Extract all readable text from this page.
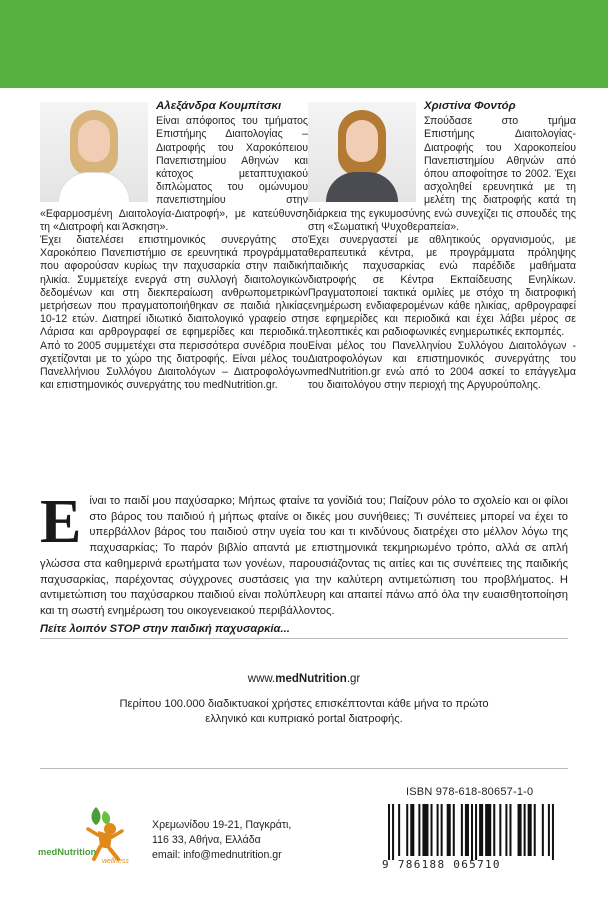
Αλεξάνδρα Κουμπίτσκι

Είναι απόφοιτος του τμήματος Επιστήμης Διαιτολογίας – Διατροφής του Χαροκόπειου Πανεπιστημίου Αθηνών και κάτοχος μεταπτυχιακού διπλώματος του ομώνυμου πανεπιστημίου στην «Εφαρμοσμένη Διαιτολογία-Διατροφή», με κατεύθυνση τη «Διατροφή και Άσκηση».

Έχει διατελέσει επιστημονικός συνεργάτης στο Χαροκόπειο Πανεπιστήμιο σε ερευνητικά προγράμματα που αφορούσαν κυρίως την παχυσαρκία στην παιδική ηλικία. Συμμετείχε ενεργά στη συλλογή διαιτολογικών δεδομένων και στη διεκπεραίωση ανθρωπομετρικών μετρήσεων που πραγματοποιήθηκαν σε παιδιά ηλικίας 10-12 ετών. Διατηρεί ιδιωτικό διαιτολογικό γραφείο στη Λάρισα και αρθρογραφεί σε εφημερίδες και περιοδικά. Από το 2005 συμμετέχει στα περισσότερα συνέδρια που σχετίζονται με το χώρο της διατροφής. Είναι μέλος του Πανελλήνιου Συλλόγου Διαιτολόγων – Διατροφολόγων και επιστημονικός συνεργάτης του medNutrition.gr.

Χριστίνα Φοντόρ

Σπούδασε στο τμήμα Επιστήμης Διαιτολογίας-Διατροφής του Χαροκοπείου Πανεπιστημίου Αθηνών από όπου αποφοίτησε το 2002. Έχει ασχοληθεί ερευνητικά με τη μελέτη της διατροφής κατά τη διάρκεια της εγκυμοσύνης ενώ συνεχίζει τις σπουδές της στη «Σωματική Ψυχοθεραπεία».

Έχει συνεργαστεί με αθλητικούς οργανισμούς, με θεραπευτικά κέντρα, με προγράμματα πρόληψης παιδικής παχυσαρκίας ενώ παρέδιδε μαθήματα διατροφής σε Κέντρα Εκπαίδευσης Ενηλίκων. Πραγματοποιεί τακτικά ομιλίες με στόχο τη διατροφική ενημέρωση ενδιαφερομένων κάθε ηλικίας, αρθρογραφεί σε εφημερίδες και περιοδικά και έχει λάβει μέρος σε τηλεοπτικές και ραδιοφωνικές ενημερωτικές εκπομπές.

Είναι μέλος του Πανελληνίου Συλλόγου Διαιτολόγων - Διατροφολόγων και επιστημονικός συνεργάτης του medNutrition.gr ενώ από το 2004 ασκεί το επάγγελμα του διαιτολόγου στην περιοχή της Αργυρούπολης.

Ε ίναι το παιδί μου παχύσαρκο; Μήπως φταίνε τα γονίδιά του; Παίζουν ρόλο το σχολείο και οι φίλοι στο βάρος του παιδιού ή μήπως φταίνε οι δικές μου συνήθειες; Τι συνέπειες μπορεί να έχει το υπερβάλλον βάρος του παιδιού στην υγεία του και τι κινδύνους διατρέχει στο μέλλον λόγω της παχυσαρκίας; Το παρόν βιβλίο απαντά με επιστημονικά τεκμηριωμένο τρόπο, αλλά σε απλή γλώσσα στα καθημερινά ερωτήματα των γονέων, παρουσιάζοντας τις αιτίες και τις συνέπειες της παιδικής παχυσαρκίας, παρέχοντας σύγχρονες συστάσεις για την καλύτερη αντιμετώπιση του προβλήματος. Η αντιμετώπιση του παχύσαρκου παιδιού είναι πολύπλευρη και απαιτεί πάνω από όλα την ευαισθητοποίηση και τη σωστή ενημέρωση του οικογενειακού περιβάλλοντος.
Πείτε λοιπόν STOP στην παιδική παχυσαρκία...
www.medNutrition.gr
Περίπου 100.000 διαδικτυακοί χρήστες επισκέπτονται κάθε μήνα το πρώτο ελληνικό και κυπριακό portal διατροφής.
medNutrition
wellness
Χρεμωνίδου 19-21, Παγκράτι,
116 33, Αθήνα, Ελλάδα
email: info@mednutrition.gr
ISBN 978-618-80657-1-0
9 786188 065710
